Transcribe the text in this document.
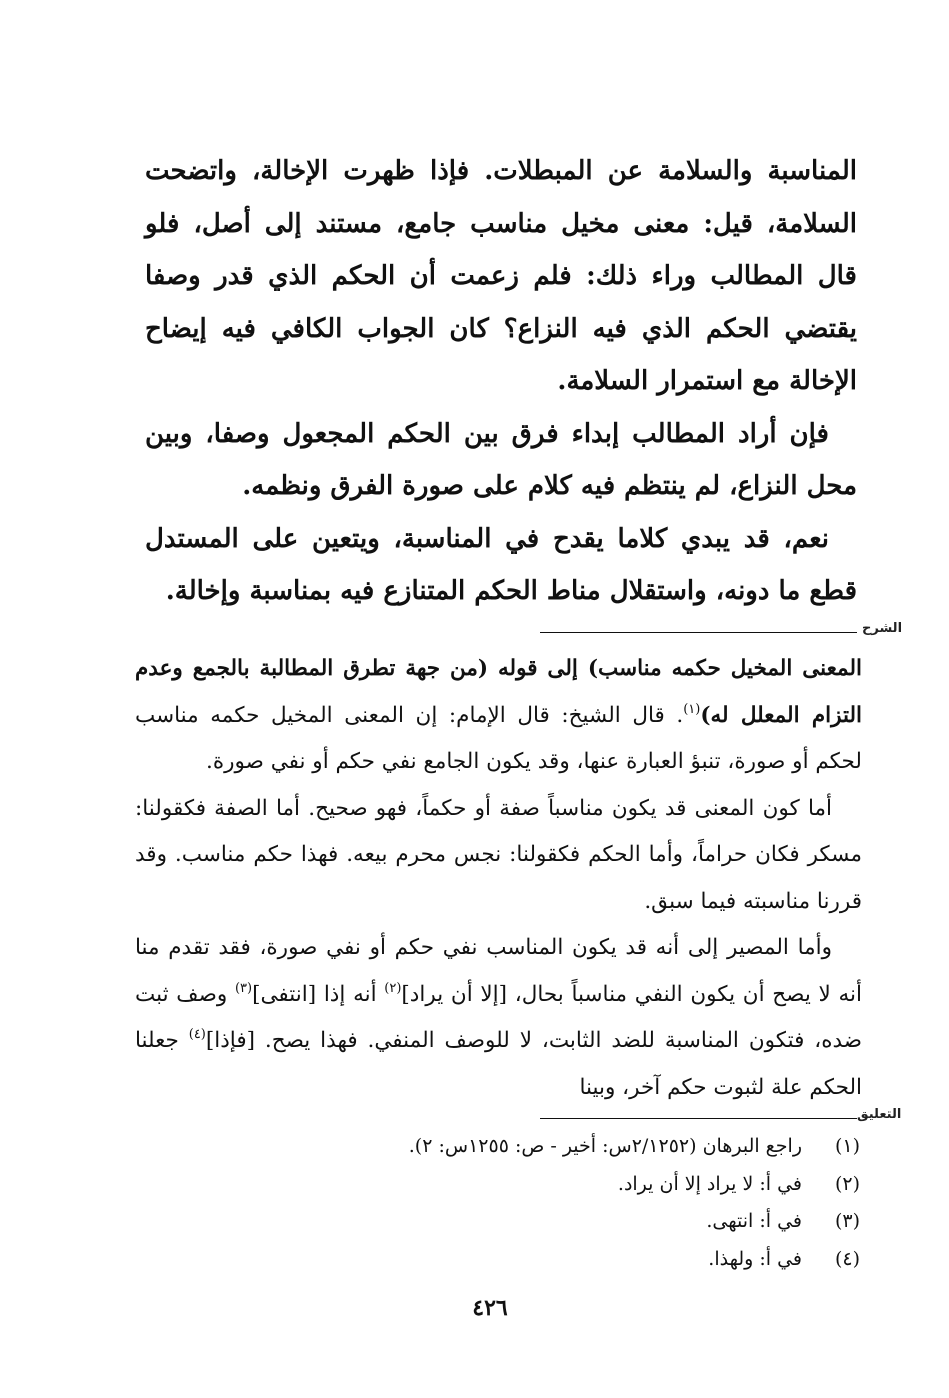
المناسبة والسلامة عن المبطلات. فإذا ظهرت الإخالة، واتضحت السلامة، قيل: معنى مخيل مناسب جامع، مستند إلى أصل، فلو قال المطالب وراء ذلك: فلم زعمت أن الحكم الذي قدر وصفا يقتضي الحكم الذي فيه النزاع؟ كان الجواب الكافي فيه إيضاح الإخالة مع استمرار السلامة.

فإن أراد المطالب إبداء فرق بين الحكم المجعول وصفا، وبين محل النزاع، لم ينتظم فيه كلام على صورة الفرق ونظمه.

نعم، قد يبدي كلاما يقدح في المناسبة، ويتعين على المستدل قطع ما دونه، واستقلال مناط الحكم المتنازع فيه بمناسبة وإخالة.

الشرح

المعنى المخيل حكمه مناسب) إلى قوله (من جهة تطرق المطالبة بالجمع وعدم التزام المعلل له)$^{(١)}$. قال الشيخ: قال الإمام: إن المعنى المخيل حكمه مناسب لحكم أو صورة، تنبؤ العبارة عنها، وقد يكون الجامع نفي حكم أو نفي صورة.

أما كون المعنى قد يكون مناسباً صفة أو حكماً، فهو صحيح. أما الصفة فكقولنا: مسكر فكان حراماً، وأما الحكم فكقولنا: نجس محرم بيعه. فهذا حكم مناسب. وقد قررنا مناسبته فيما سبق.

وأما المصير إلى أنه قد يكون المناسب نفي حكم أو نفي صورة، فقد تقدم منا أنه لا يصح أن يكون النفي مناسباً بحال، [إلا أن يراد]$^{(٢)}$ أنه إذا [انتفى]$^{(٣)}$ وصف ثبت ضده، فتكون المناسبة للضد الثابت، لا للوصف المنفي. فهذا يصح. [فإذا]$^{(٤)}$ جعلنا الحكم علة لثبوت حكم آخر، وبينا

التعليق
(١)
راجع البرهان (٢/١٢٥٢س: أخير - ص: ١٢٥٥س: ٢).
(٢)
في أ: لا يراد إلا أن يراد.
(٣)
في أ: انتهى.
(٤)
في أ: ولهذا.
٤٢٦
